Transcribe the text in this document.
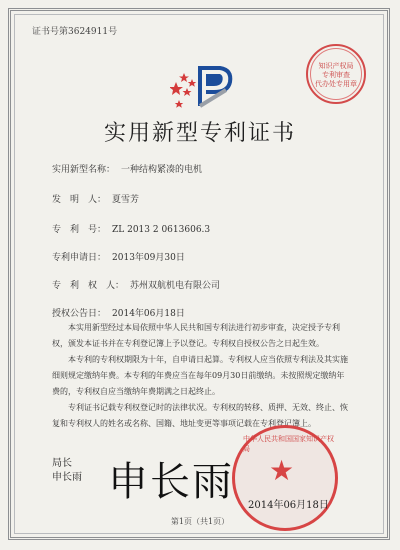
证书号第3624911号
知识产权局
专利审查
代办处专用章
实用新型专利证书
实用新型名称： 一种结构紧凑的电机
发　明　人： 夏雪芳
专　利　号： ZL 2013 2 0613606.3
专利申请日： 2013年09月30日
专　利　权　人： 苏州双航机电有限公司
授权公告日： 2014年06月18日

本实用新型经过本局依照中华人民共和国专利法进行初步审查，决定授予专利权，颁发本证书并在专利登记簿上予以登记。专利权自授权公告之日起生效。

本专利的专利权期限为十年，自申请日起算。专利权人应当依照专利法及其实施细则规定缴纳年费。本专利的年费应当在每年09月30日前缴纳。未按照规定缴纳年费的，专利权自应当缴纳年费期满之日起终止。

专利证书记载专利权登记时的法律状况。专利权的转移、质押、无效、终止、恢复和专利权人的姓名或名称、国籍、地址变更等事项记载在专利登记簿上。

局长
申长雨 申长雨
中华人民共和国国家知识产权局
★
2014年06月18日
第1页（共1页）
